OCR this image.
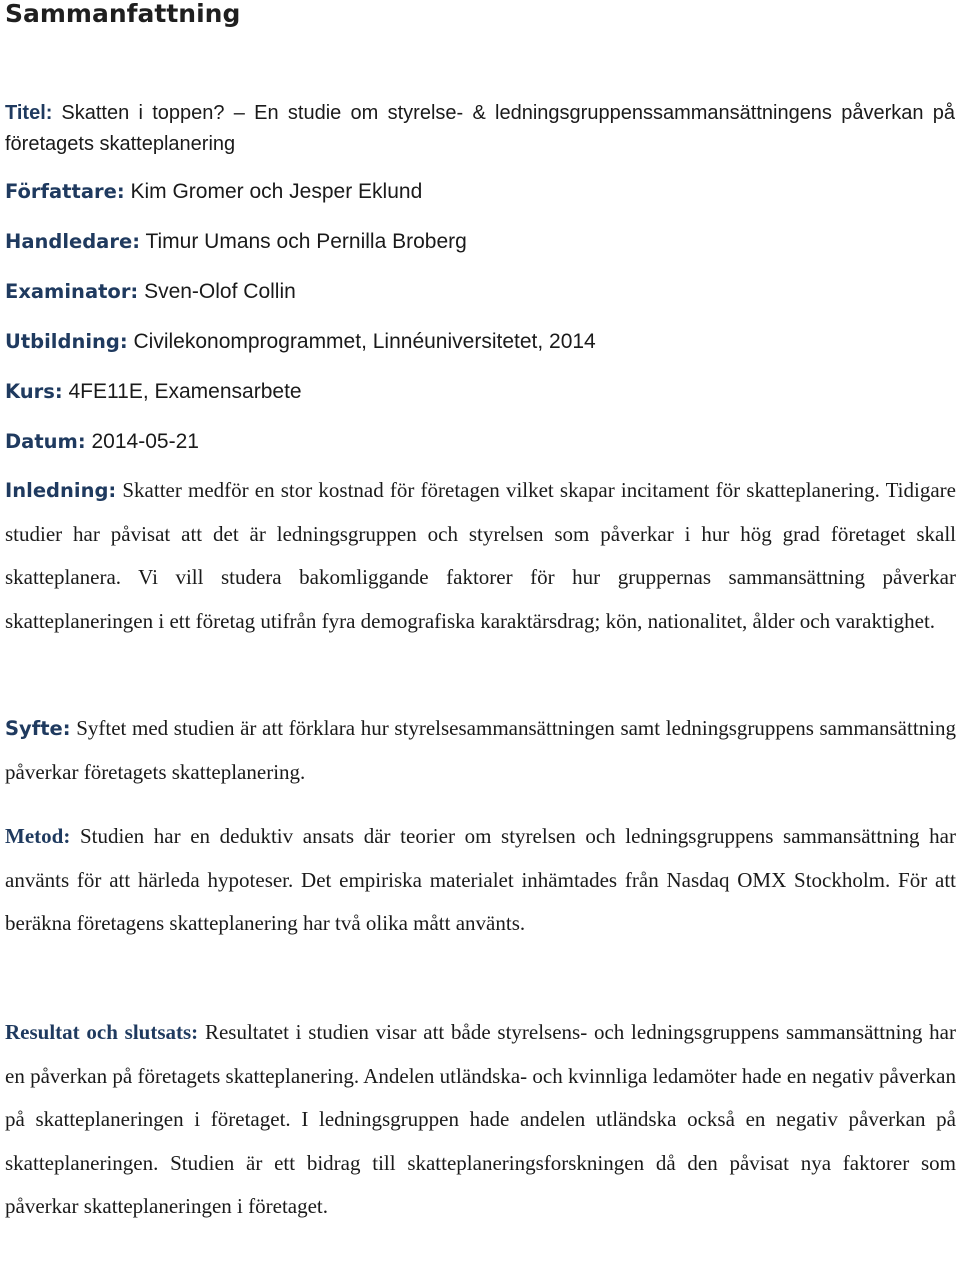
Sammanfattning

Titel: Skatten i toppen? – En studie om styrelse- & ledningsgruppenssammansättningens påverkan på företagets skatteplanering

Författare: Kim Gromer och Jesper Eklund

Handledare: Timur Umans och Pernilla Broberg

Examinator: Sven-Olof Collin

Utbildning: Civilekonomprogrammet, Linnéuniversitetet, 2014

Kurs: 4FE11E, Examensarbete

Datum: 2014-05-21

Inledning: Skatter medför en stor kostnad för företagen vilket skapar incitament för skatteplanering. Tidigare studier har påvisat att det är ledningsgruppen och styrelsen som påverkar i hur hög grad företaget skall skatteplanera. Vi vill studera bakomliggande faktorer för hur gruppernas sammansättning påverkar skatteplaneringen i ett företag utifrån fyra demografiska karaktärsdrag; kön, nationalitet, ålder och varaktighet.

Syfte: Syftet med studien är att förklara hur styrelsesammansättningen samt ledningsgruppens sammansättning påverkar företagets skatteplanering.

Metod: Studien har en deduktiv ansats där teorier om styrelsen och ledningsgruppens sammansättning har använts för att härleda hypoteser. Det empiriska materialet inhämtades från Nasdaq OMX Stockholm. För att beräkna företagens skatteplanering har två olika mått använts.

Resultat och slutsats: Resultatet i studien visar att både styrelsens- och ledningsgruppens sammansättning har en påverkan på företagets skatteplanering. Andelen utländska- och kvinnliga ledamöter hade en negativ påverkan på skatteplaneringen i företaget. I ledningsgruppen hade andelen utländska också en negativ påverkan på skatteplaneringen. Studien är ett bidrag till skatteplaneringsforskningen då den påvisat nya faktorer som påverkar skatteplaneringen i företaget.
